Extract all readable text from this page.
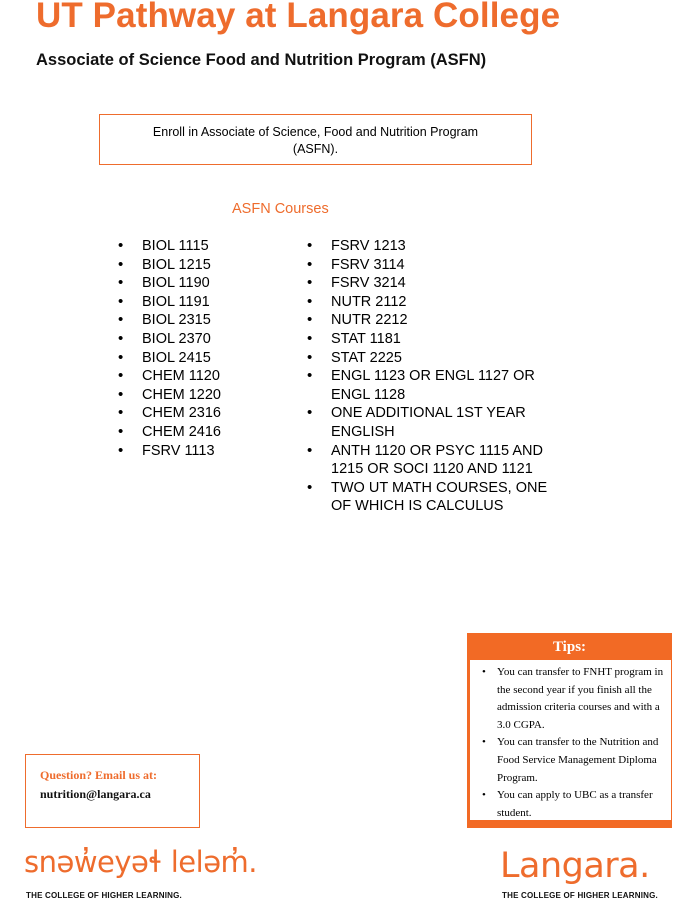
UT Pathway at Langara College
Associate of Science Food and Nutrition Program (ASFN)
Enroll in Associate of Science, Food and Nutrition Program (ASFN).
ASFN Courses
• BIOL 1115
• BIOL 1215
• BIOL 1190
• BIOL 1191
• BIOL 2315
• BIOL 2370
• BIOL 2415
• CHEM 1120
• CHEM 1220
• CHEM 2316
• CHEM 2416
• FSRV 1113
• FSRV 1213
• FSRV 3114
• FSRV 3214
• NUTR 2112
• NUTR 2212
• STAT 1181
• STAT 2225
• ENGL 1123 OR ENGL 1127 OR ENGL 1128
• ONE ADDITIONAL 1ST YEAR ENGLISH
• ANTH 1120 OR PSYC 1115 AND 1215 OR SOCI 1120 AND 1121
• TWO UT MATH COURSES, ONE OF WHICH IS CALCULUS
Tips:
• You can transfer to FNHT program in the second year if you finish all the admission criteria courses and with a 3.0 CGPA.
• You can transfer to the Nutrition and Food Service Management Diploma Program.
• You can apply to UBC as a transfer student.
Question? Email us at:
nutrition@langara.ca
snəw̓eyəɬ leləm̓.
THE COLLEGE OF HIGHER LEARNING.
Langara.
THE COLLEGE OF HIGHER LEARNING.
